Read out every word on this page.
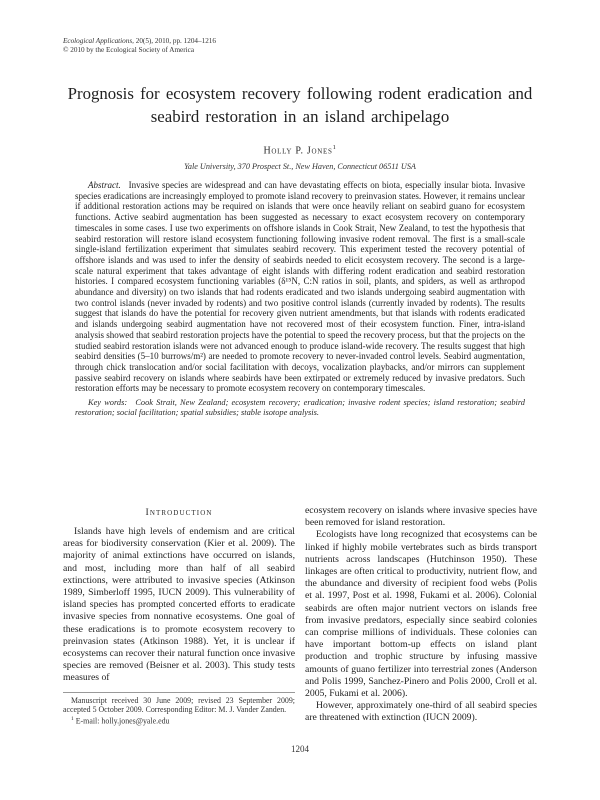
Ecological Applications, 20(5), 2010, pp. 1204–1216
© 2010 by the Ecological Society of America
Prognosis for ecosystem recovery following rodent eradication and seabird restoration in an island archipelago
Holly P. Jones$^1$
Yale University, 370 Prospect St., New Haven, Connecticut 06511 USA

Abstract. Invasive species are widespread and can have devastating effects on biota, especially insular biota. Invasive species eradications are increasingly employed to promote island recovery to preinvasion states. However, it remains unclear if additional restoration actions may be required on islands that were once heavily reliant on seabird guano for ecosystem functions. Active seabird augmentation has been suggested as necessary to exact ecosystem recovery on contemporary timescales in some cases. I use two experiments on offshore islands in Cook Strait, New Zealand, to test the hypothesis that seabird restoration will restore island ecosystem functioning following invasive rodent removal. The first is a small-scale single-island fertilization experiment that simulates seabird recovery. This experiment tested the recovery potential of offshore islands and was used to infer the density of seabirds needed to elicit ecosystem recovery. The second is a large-scale natural experiment that takes advantage of eight islands with differing rodent eradication and seabird restoration histories. I compared ecosystem functioning variables (δ¹⁵N, C:N ratios in soil, plants, and spiders, as well as arthropod abundance and diversity) on two islands that had rodents eradicated and two islands undergoing seabird augmentation with two control islands (never invaded by rodents) and two positive control islands (currently invaded by rodents). The results suggest that islands do have the potential for recovery given nutrient amendments, but that islands with rodents eradicated and islands undergoing seabird augmentation have not recovered most of their ecosystem function. Finer, intra-island analysis showed that seabird restoration projects have the potential to speed the recovery process, but that the projects on the studied seabird restoration islands were not advanced enough to produce island-wide recovery. The results suggest that high seabird densities (5–10 burrows/m²) are needed to promote recovery to never-invaded control levels. Seabird augmentation, through chick translocation and/or social facilitation with decoys, vocalization playbacks, and/or mirrors can supplement passive seabird recovery on islands where seabirds have been extirpated or extremely reduced by invasive predators. Such restoration efforts may be necessary to promote ecosystem recovery on contemporary timescales.

Key words: Cook Strait, New Zealand; ecosystem recovery; eradication; invasive rodent species; island restoration; seabird restoration; social facilitation; spatial subsidies; stable isotope analysis.

Introduction

Islands have high levels of endemism and are critical areas for biodiversity conservation (Kier et al. 2009). The majority of animal extinctions have occurred on islands, and most, including more than half of all seabird extinctions, were attributed to invasive species (Atkinson 1989, Simberloff 1995, IUCN 2009). This vulnerability of island species has prompted concerted efforts to eradicate invasive species from nonnative ecosystems. One goal of these eradications is to promote ecosystem recovery to preinvasion states (Atkinson 1988). Yet, it is unclear if ecosystems can recover their natural function once invasive species are removed (Beisner et al. 2003). This study tests measures of

ecosystem recovery on islands where invasive species have been removed for island restoration.

Ecologists have long recognized that ecosystems can be linked if highly mobile vertebrates such as birds transport nutrients across landscapes (Hutchinson 1950). These linkages are often critical to productivity, nutrient flow, and the abundance and diversity of recipient food webs (Polis et al. 1997, Post et al. 1998, Fukami et al. 2006). Colonial seabirds are often major nutrient vectors on islands free from invasive predators, especially since seabird colonies can comprise millions of individuals. These colonies can have important bottom-up effects on island plant production and trophic structure by infusing massive amounts of guano fertilizer into terrestrial zones (Anderson and Polis 1999, Sanchez-Pinero and Polis 2000, Croll et al. 2005, Fukami et al. 2006).

However, approximately one-third of all seabird species are threatened with extinction (IUCN 2009).

Manuscript received 30 June 2009; revised 23 September 2009; accepted 5 October 2009. Corresponding Editor: M. J. Vander Zanden.

$^1$ E-mail: holly.jones@yale.edu

1204
